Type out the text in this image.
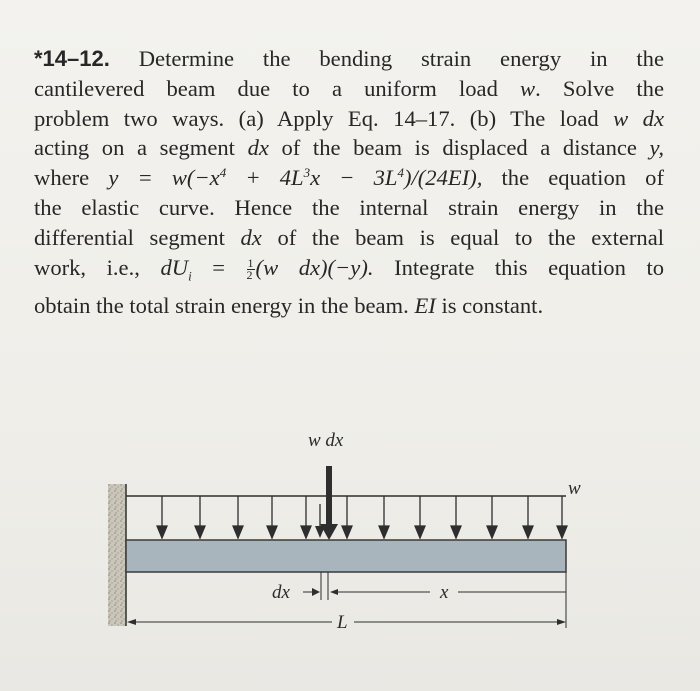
*14–12. Determine the bending strain energy in the
cantilevered beam due to a uniform load w. Solve the
problem two ways. (a) Apply Eq. 14–17. (b) The load w dx
acting on a segment dx of the beam is displaced a distance y,
where $y = w(-x^4 + 4L^3x - 3L^4)/(24EI)$, the equation of
the elastic curve. Hence the internal strain energy in the
differential segment dx of the beam is equal to the external
work, i.e., $dU_i = \frac{1}{2} (w$ dx)(−y). Integrate this equation to
obtain the total strain energy in the beam. EI is constant.
w dx
w
dx	x
L
